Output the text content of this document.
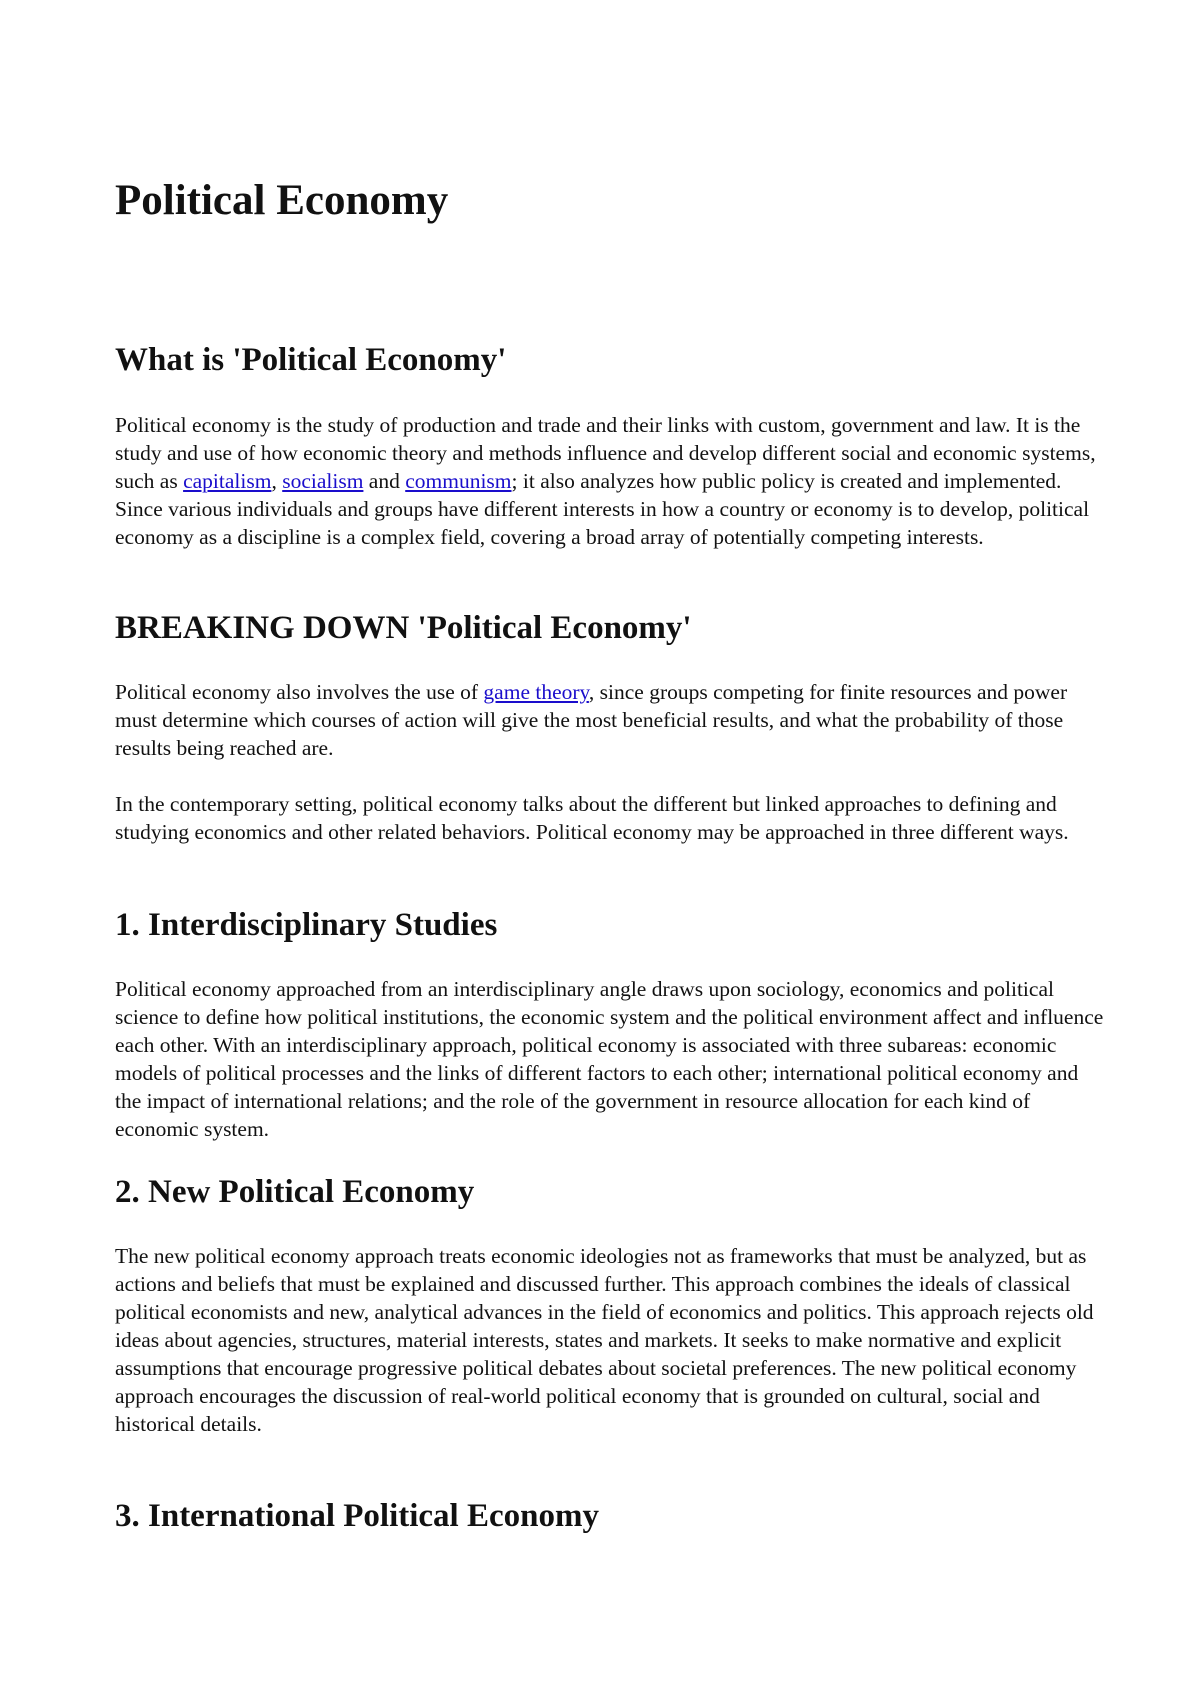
Political Economy
What is 'Political Economy'

Political economy is the study of production and trade and their links with custom, government and law. It is the study and use of how economic theory and methods influence and develop different social and economic systems, such as capitalism, socialism and communism; it also analyzes how public policy is created and implemented. Since various individuals and groups have different interests in how a country or economy is to develop, political economy as a discipline is a complex field, covering a broad array of potentially competing interests.

BREAKING DOWN 'Political Economy'

Political economy also involves the use of game theory, since groups competing for finite resources and power must determine which courses of action will give the most beneficial results, and what the probability of those results being reached are.

In the contemporary setting, political economy talks about the different but linked approaches to defining and studying economics and other related behaviors. Political economy may be approached in three different ways.

1. Interdisciplinary Studies

Political economy approached from an interdisciplinary angle draws upon sociology, economics and political science to define how political institutions, the economic system and the political environment affect and influence each other. With an interdisciplinary approach, political economy is associated with three subareas: economic models of political processes and the links of different factors to each other; international political economy and the impact of international relations; and the role of the government in resource allocation for each kind of economic system.

2. New Political Economy

The new political economy approach treats economic ideologies not as frameworks that must be analyzed, but as actions and beliefs that must be explained and discussed further. This approach combines the ideals of classical political economists and new, analytical advances in the field of economics and politics. This approach rejects old ideas about agencies, structures, material interests, states and markets. It seeks to make normative and explicit assumptions that encourage progressive political debates about societal preferences. The new political economy approach encourages the discussion of real-world political economy that is grounded on cultural, social and historical details.

3. International Political Economy
